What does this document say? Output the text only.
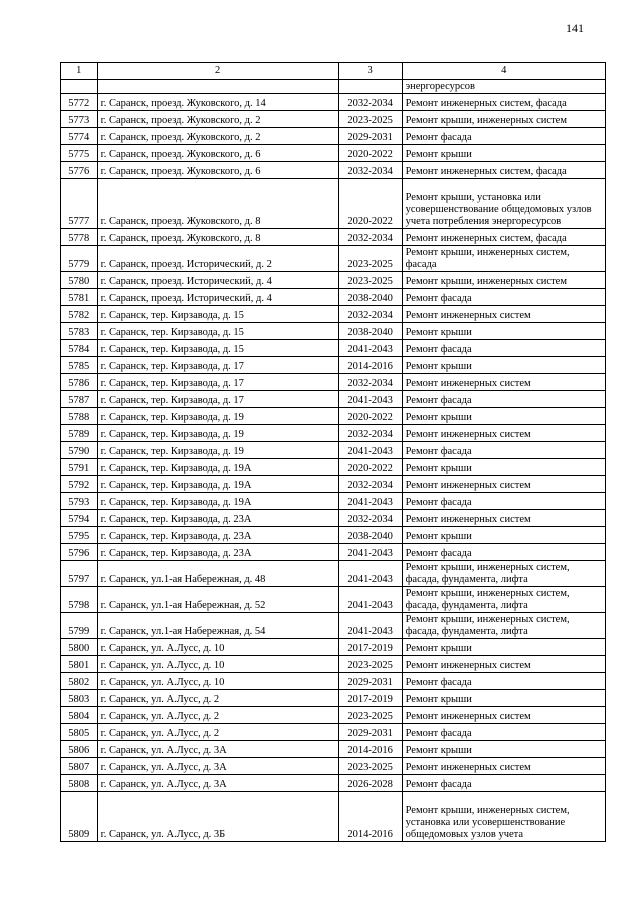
141
1	2	3	4
			энергоресурсов
5772	г. Саранск, проезд. Жуковского, д. 14	2032-2034	Ремонт инженерных систем, фасада
5773	г. Саранск, проезд. Жуковского, д. 2	2023-2025	Ремонт крыши, инженерных систем
5774	г. Саранск, проезд. Жуковского, д. 2	2029-2031	Ремонт фасада
5775	г. Саранск, проезд. Жуковского, д. 6	2020-2022	Ремонт крыши
5776	г. Саранск, проезд. Жуковского, д. 6	2032-2034	Ремонт инженерных систем, фасада
5777	г. Саранск, проезд. Жуковского, д. 8	2020-2022	Ремонт крыши, установка или усовершенствование общедомовых узлов учета потребления энергоресурсов
5778	г. Саранск, проезд. Жуковского, д. 8	2032-2034	Ремонт инженерных систем, фасада
5779	г. Саранск, проезд. Исторический, д. 2	2023-2025	Ремонт крыши, инженерных систем, фасада
5780	г. Саранск, проезд. Исторический, д. 4	2023-2025	Ремонт крыши, инженерных систем
5781	г. Саранск, проезд. Исторический, д. 4	2038-2040	Ремонт фасада
5782	г. Саранск, тер. Кирзавода, д. 15	2032-2034	Ремонт инженерных систем
5783	г. Саранск, тер. Кирзавода, д. 15	2038-2040	Ремонт крыши
5784	г. Саранск, тер. Кирзавода, д. 15	2041-2043	Ремонт фасада
5785	г. Саранск, тер. Кирзавода, д. 17	2014-2016	Ремонт крыши
5786	г. Саранск, тер. Кирзавода, д. 17	2032-2034	Ремонт инженерных систем
5787	г. Саранск, тер. Кирзавода, д. 17	2041-2043	Ремонт фасада
5788	г. Саранск, тер. Кирзавода, д. 19	2020-2022	Ремонт крыши
5789	г. Саранск, тер. Кирзавода, д. 19	2032-2034	Ремонт инженерных систем
5790	г. Саранск, тер. Кирзавода, д. 19	2041-2043	Ремонт фасада
5791	г. Саранск, тер. Кирзавода, д. 19А	2020-2022	Ремонт крыши
5792	г. Саранск, тер. Кирзавода, д. 19А	2032-2034	Ремонт инженерных систем
5793	г. Саранск, тер. Кирзавода, д. 19А	2041-2043	Ремонт фасада
5794	г. Саранск, тер. Кирзавода, д. 23А	2032-2034	Ремонт инженерных систем
5795	г. Саранск, тер. Кирзавода, д. 23А	2038-2040	Ремонт крыши
5796	г. Саранск, тер. Кирзавода, д. 23А	2041-2043	Ремонт фасада
5797	г. Саранск, ул.1-ая Набережная, д. 48	2041-2043	Ремонт крыши, инженерных систем, фасада, фундамента, лифта
5798	г. Саранск, ул.1-ая Набережная, д. 52	2041-2043	Ремонт крыши, инженерных систем, фасада, фундамента, лифта
5799	г. Саранск, ул.1-ая Набережная, д. 54	2041-2043	Ремонт крыши, инженерных систем, фасада, фундамента, лифта
5800	г. Саранск, ул. А.Лусс, д. 10	2017-2019	Ремонт крыши
5801	г. Саранск, ул. А.Лусс, д. 10	2023-2025	Ремонт инженерных систем
5802	г. Саранск, ул. А.Лусс, д. 10	2029-2031	Ремонт фасада
5803	г. Саранск, ул. А.Лусс, д. 2	2017-2019	Ремонт крыши
5804	г. Саранск, ул. А.Лусс, д. 2	2023-2025	Ремонт инженерных систем
5805	г. Саранск, ул. А.Лусс, д. 2	2029-2031	Ремонт фасада
5806	г. Саранск, ул. А.Лусс, д. 3А	2014-2016	Ремонт крыши
5807	г. Саранск, ул. А.Лусс, д. 3А	2023-2025	Ремонт инженерных систем
5808	г. Саранск, ул. А.Лусс, д. 3А	2026-2028	Ремонт фасада
5809	г. Саранск, ул. А.Лусс, д. 3Б	2014-2016	Ремонт крыши, инженерных систем, установка или усовершенствование общедомовых узлов учета
